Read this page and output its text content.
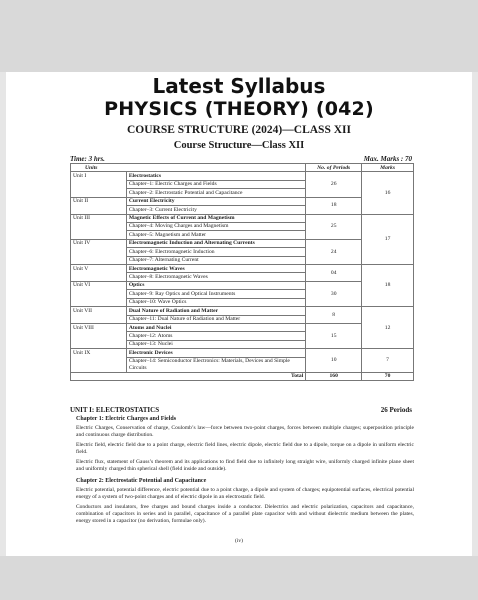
Latest Syllabus
PHYSICS (THEORY) (042)
COURSE STRUCTURE (2024)—CLASS XII
Course Structure—Class XII
Time: 3 hrs.	Max. Marks : 70
Units		No. of Periods	Marks
Unit I	Electrostatics	26	16
	Chapter–1: Electric Charges and Fields		
	Chapter–2: Electrostatic Potential and Capacitance		
Unit II	Current Electricity	18	
	Chapter–3: Current Electricity		
Unit III	Magnetic Effects of Current and Magnetism	25	17
	Chapter–4: Moving Charges and Magnetism		
	Chapter–5: Magnetism and Matter		
Unit IV	Electromagnetic Induction and Alternating Currents	24	
	Chapter–6: Electromagnetic Induction		
	Chapter–7: Alternating Current		
Unit V	Electromagnetic Waves	04	18
	Chapter–8: Electromagnetic Waves		
Unit VI	Optics	30	
	Chapter–9: Ray Optics and Optical Instruments		
	Chapter–10: Wave Optics		
Unit VII	Dual Nature of Radiation and Matter	8	12
	Chapter–11: Dual Nature of Radiation and Matter		
Unit VIII	Atoms and Nuclei	15	
	Chapter–12: Atoms		
	Chapter–13: Nuclei		
Unit IX	Electronic Devices	10	7
	Chapter–14: Semiconductor Electronics: Materials, Devices and Simple Circuits		
Total		160	70
UNIT I: ELECTROSTATICS	26 Periods
Chapter 1: Electric Charges and Fields
Electric Charges, Conservation of charge, Coulomb’s law—force between two-point charges, forces between multiple charges; superposition principle and continuous charge distribution.
Electric field, electric field due to a point charge, electric field lines, electric dipole, electric field due to a dipole, torque on a dipole in uniform electric field.
Electric flux, statement of Gauss’s theorem and its applications to find field due to infinitely long straight wire, uniformly charged infinite plane sheet and uniformly charged thin spherical shell (field inside and outside).
Chapter 2: Electrostatic Potential and Capacitance
Electric potential, potential difference, electric potential due to a point charge, a dipole and system of charges; equipotential surfaces, electrical potential energy of a system of two-point charges and of electric dipole in an electrostatic field.
Conductors and insulators, free charges and bound charges inside a conductor. Dielectrics and electric polarization, capacitors and capacitance, combination of capacitors in series and in parallel, capacitance of a parallel plate capacitor with and without dielectric medium between the plates, energy stored in a capacitor (no derivation, formulae only).
(iv)
